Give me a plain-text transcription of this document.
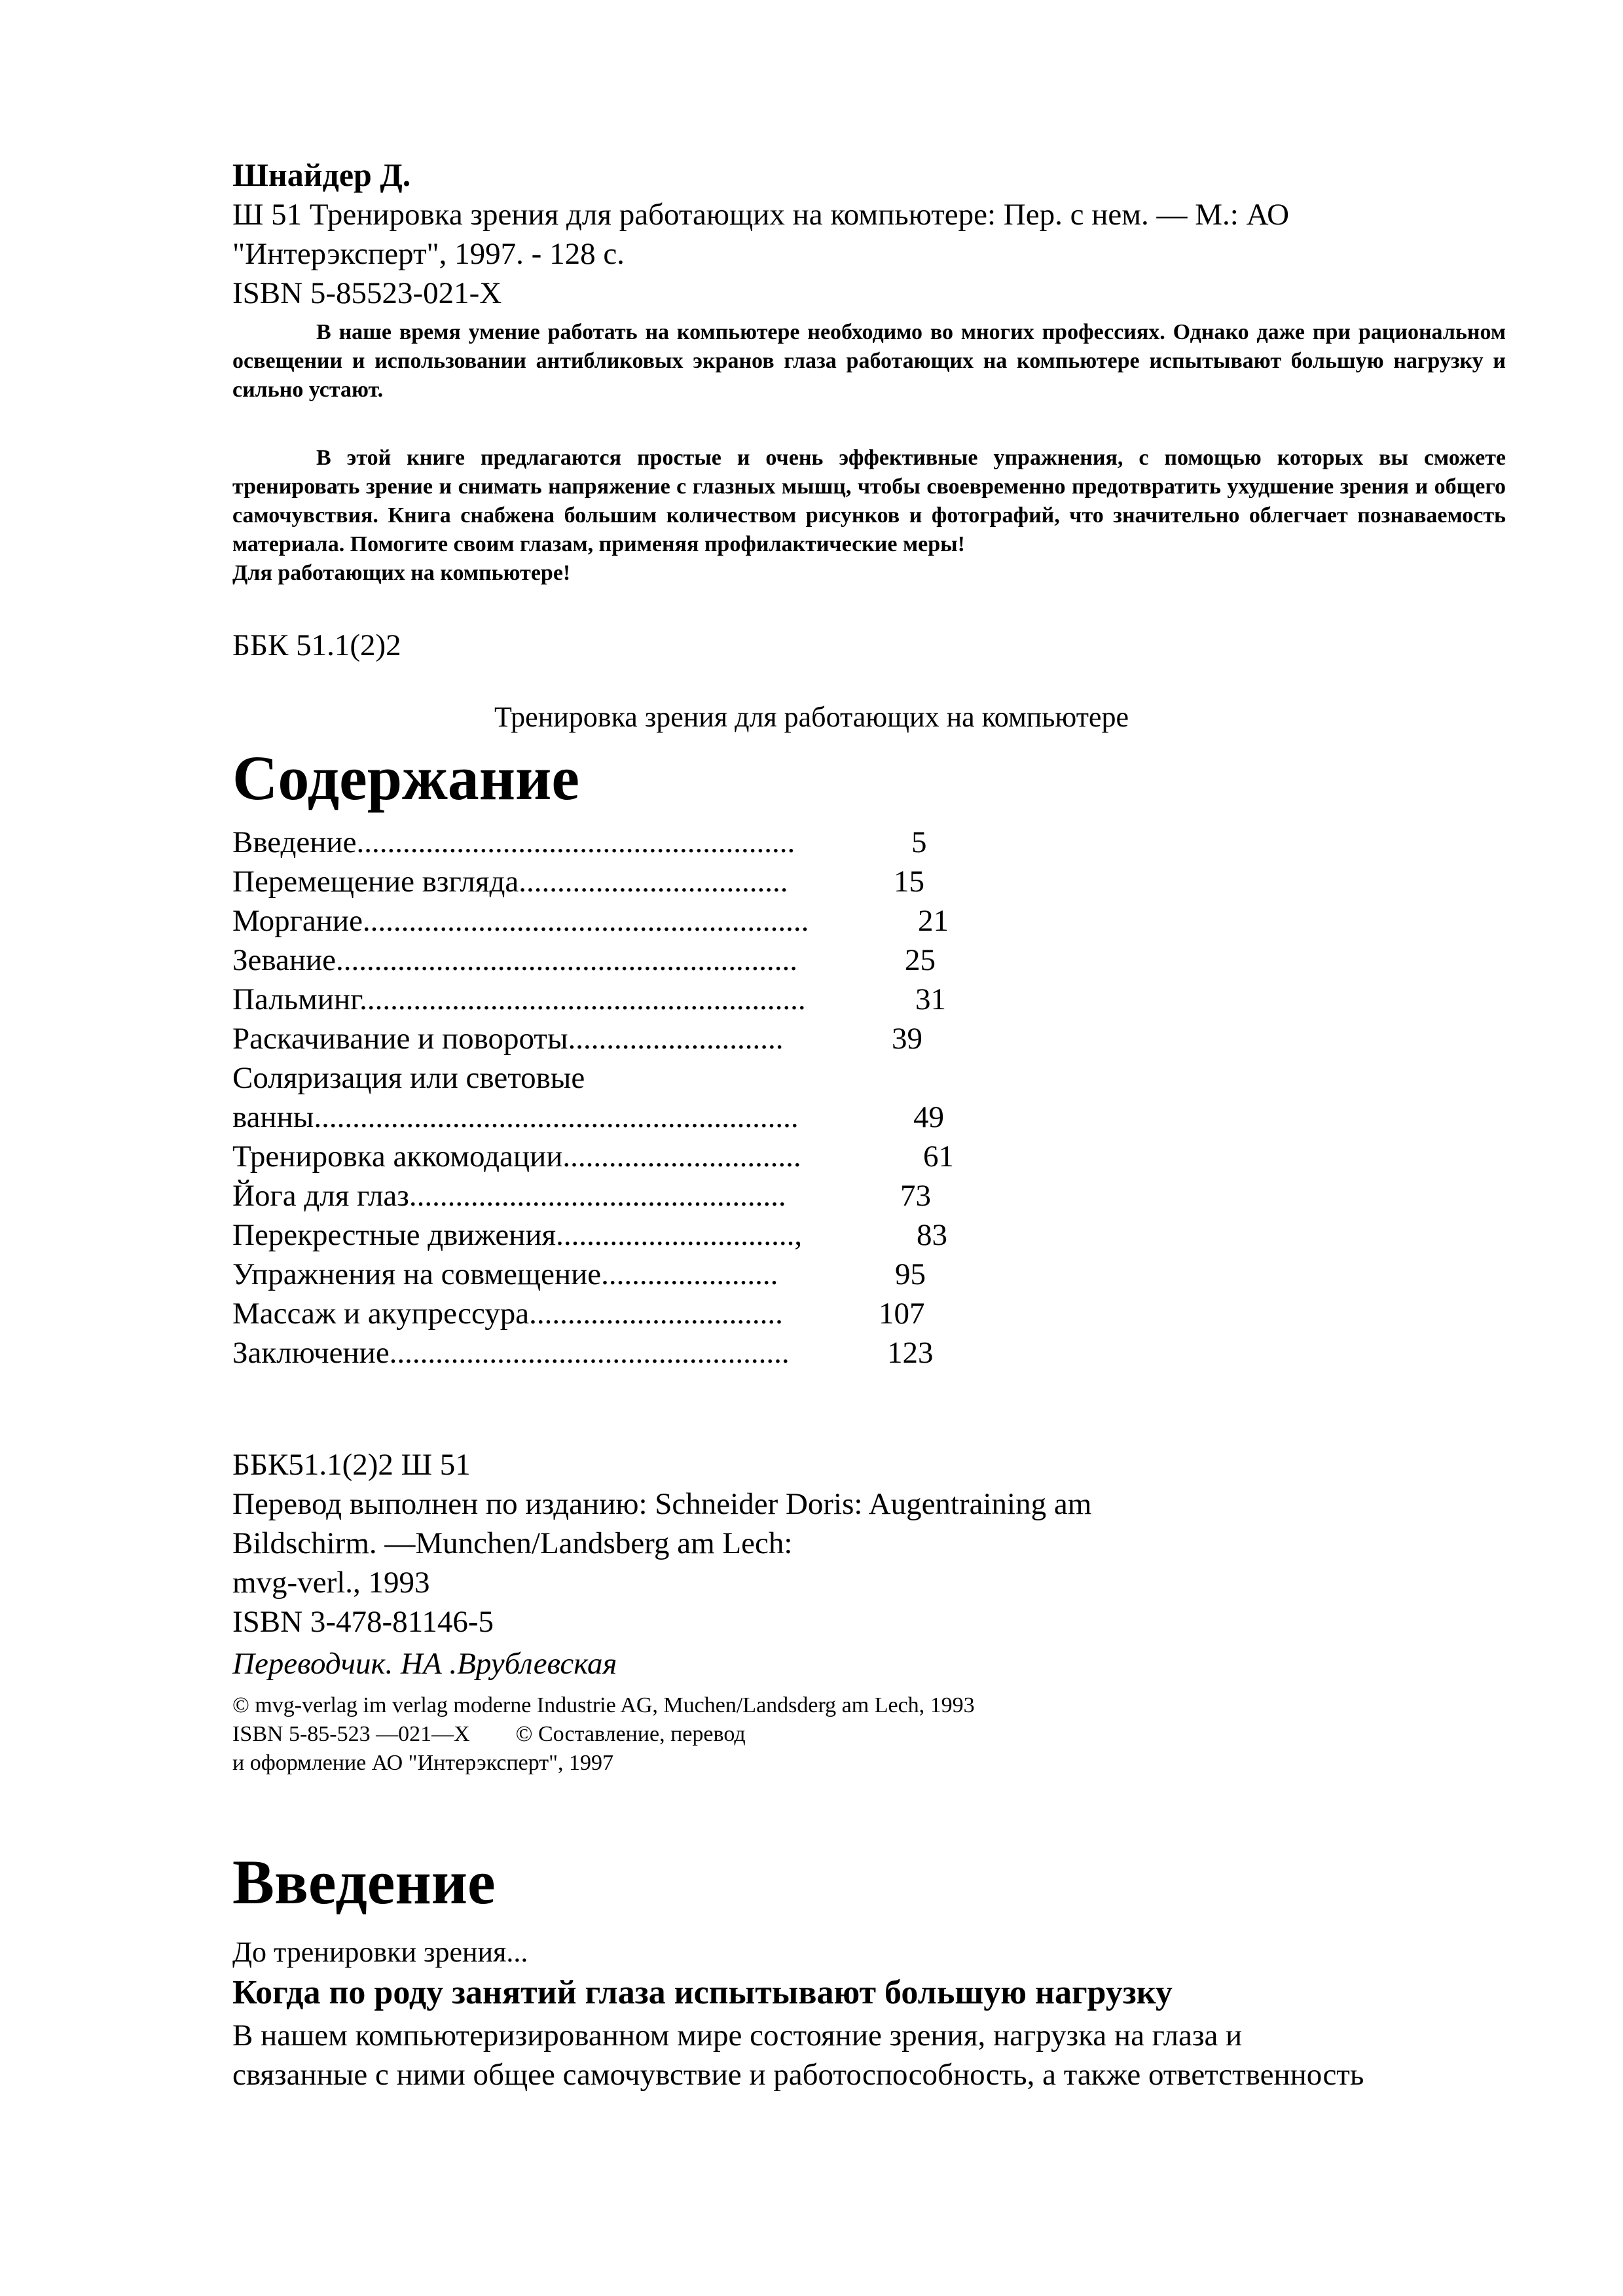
Шнайдер Д.
Ш 51 Тренировка зрения для работающих на компьютере: Пер. с нем. — М.: АО
"Интерэксперт", 1997. - 128 с.
ISBN 5-85523-021-X
В наше время умение работать на компьютере необходимо во многих профессиях. Однако даже при рациональном освещении и использовании антибликовых экранов глаза работающих на компьютере испытывают большую нагрузку и сильно устают.
В этой книге предлагаются простые и очень эффективные упражнения, с помощью которых вы сможете тренировать зрение и снимать напряжение с глазных мышц, чтобы своевременно предотвратить ухудшение зрения и общего самочувствия. Книга снабжена большим количеством рисунков и фотографий, что значительно облегчает познаваемость материала. Помогите своим глазам, применяя профилактические меры!
Для работающих на компьютере!
ББК 51.1(2)2
Тренировка зрения для работающих на компьютере
Содержание
Введение.........................................................	5
Перемещение взгляда...................................	15
Моргание..........................................................	21
Зевание............................................................	25
Пальминг..........................................................	31
Раскачивание и повороты............................	39
Соляризация или световые
ванны...............................................................	49
Тренировка аккомодации...............................	61
Йога для глаз.................................................	73
Перекрестные движения...............................,	83
Упражнения на совмещение.......................	95
Массаж и акупрессура.................................	107
Заключение....................................................	123
ББК51.1(2)2 Ш 51
Перевод выполнен по изданию: Schneider Doris: Augentraining am
Bildschirm. —Munchen/Landsberg am Lech:
mvg-verl., 1993
ISBN 3-478-81146-5
Переводчик. НА .Врублевская
© mvg-verlag im verlag moderne Industrie AG, Muchen/Landsderg am Lech, 1993
ISBN 5-85-523 —021—X © Составление, перевод
и оформление АО "Интерэксперт", 1997
Введение
До тренировки зрения...
Когда по роду занятий глаза испытывают большую нагрузку
В нашем компьютеризированном мире состояние зрения, нагрузка на глаза и
связанные с ними общее самочувствие и работоспособность, а также ответственность
